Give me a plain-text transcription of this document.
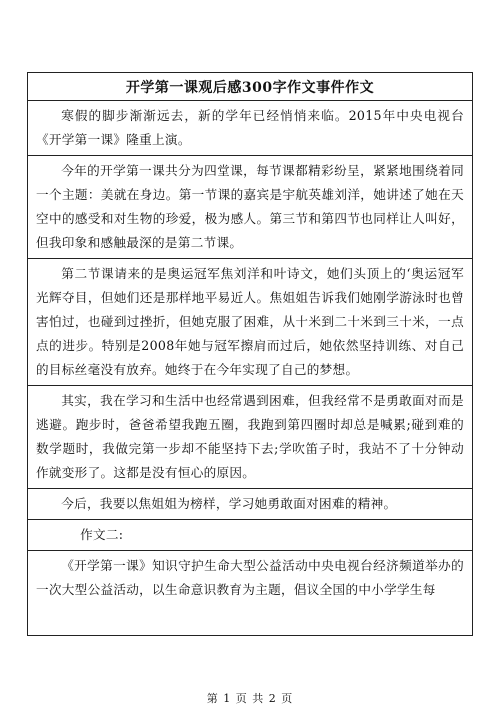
开学第一课观后感300字作文事件作文
寒假的脚步渐渐远去，新的学年已经悄悄来临。2015年中央电视台《开学第一课》隆重上演。
今年的开学第一课共分为四堂课，每节课都精彩纷呈，紧紧地围绕着同一个主题：美就在身边。第一节课的嘉宾是宇航英雄刘洋，她讲述了她在天空中的感受和对生物的珍爱，极为感人。第三节和第四节也同样让人叫好，但我印象和感触最深的是第二节课。
第二节课请来的是奥运冠军焦刘洋和叶诗文，她们头顶上的‘奥运冠军光辉夺目，但她们还是那样地平易近人。焦姐姐告诉我们她刚学游泳时也曾害怕过，也碰到过挫折，但她克服了困难，从十米到二十米到三十米，一点点的进步。特别是2008年她与冠军擦肩而过后，她依然坚持训练、对自己的目标丝毫没有放弃。她终于在今年实现了自己的梦想。
其实，我在学习和生活中也经常遇到困难，但我经常不是勇敢面对而是逃避。跑步时，爸爸希望我跑五圈，我跑到第四圈时却总是喊累;碰到难的数学题时，我做完第一步却不能坚持下去;学吹笛子时，我站不了十分钟动作就变形了。这都是没有恒心的原因。
今后，我要以焦姐姐为榜样，学习她勇敢面对困难的精神。
作文二:
《开学第一课》知识守护生命大型公益活动中央电视台经济频道举办的一次大型公益活动，以生命意识教育为主题，倡议全国的中小学学生每
第 1 页 共 2 页
